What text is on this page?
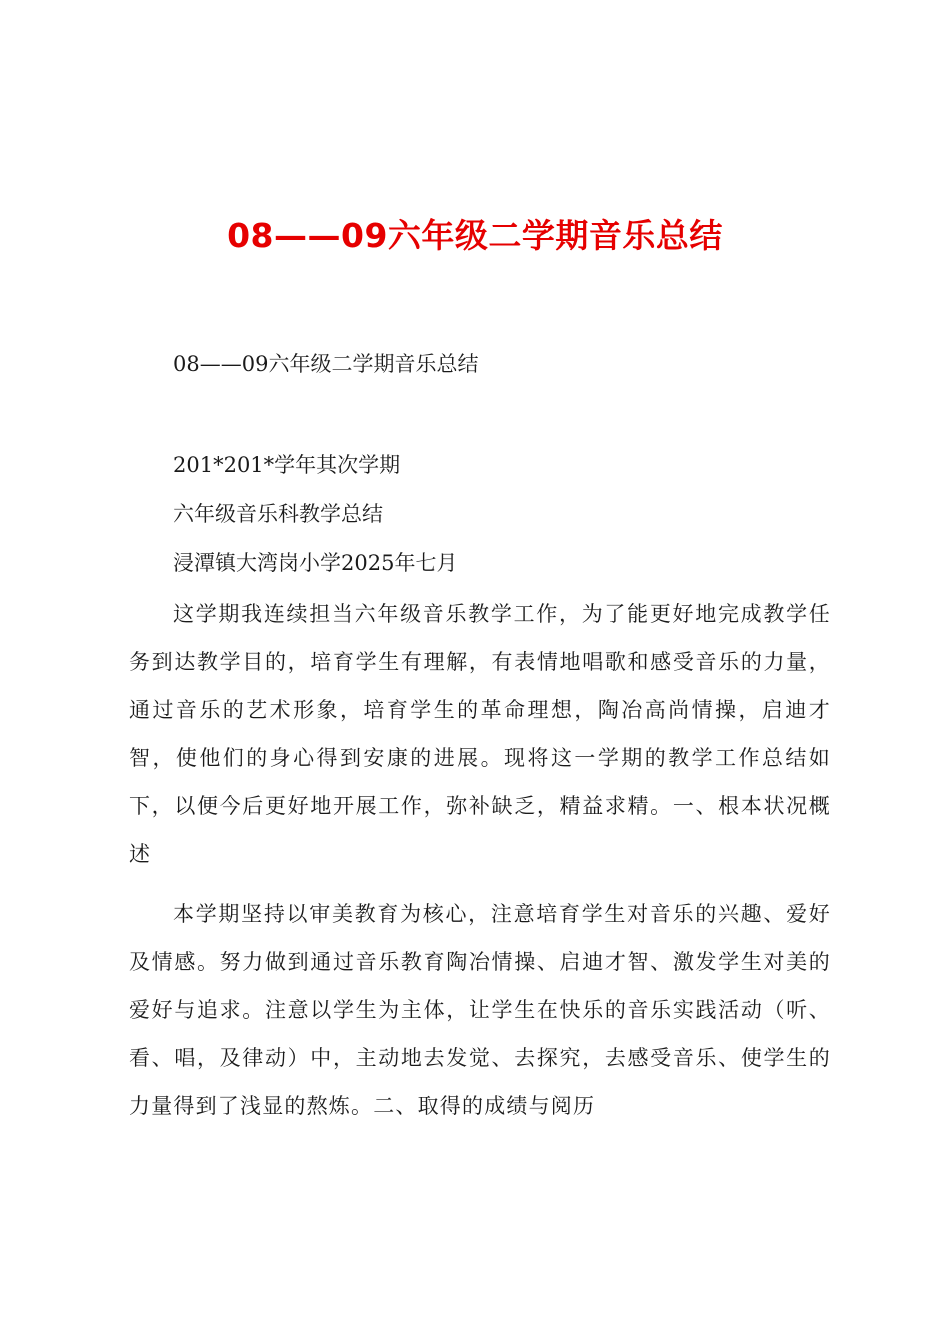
08——09六年级二学期音乐总结
08——09六年级二学期音乐总结
201*201*学年其次学期
六年级音乐科教学总结
浸潭镇大湾岗小学2025年七月

这学期我连续担当六年级音乐教学工作，为了能更好地完成教学任务到达教学目的，培育学生有理解，有表情地唱歌和感受音乐的力量，通过音乐的艺术形象，培育学生的革命理想，陶冶高尚情操，启迪才智，使他们的身心得到安康的进展。现将这一学期的教学工作总结如下，以便今后更好地开展工作，弥补缺乏，精益求精。一、根本状况概述

本学期坚持以审美教育为核心，注意培育学生对音乐的兴趣、爱好及情感。努力做到通过音乐教育陶冶情操、启迪才智、激发学生对美的爱好与追求。注意以学生为主体，让学生在快乐的音乐实践活动（听、看、唱，及律动）中，主动地去发觉、去探究，去感受音乐、使学生的力量得到了浅显的熬炼。二、取得的成绩与阅历
